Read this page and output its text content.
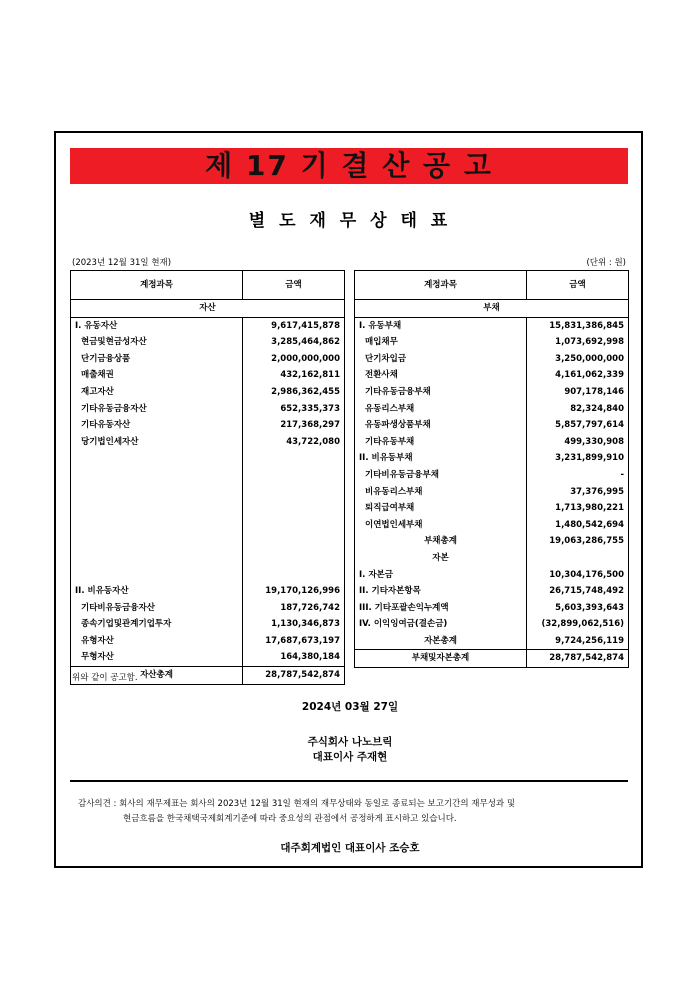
제 17 기 결 산 공 고
별 도 재 무 상 태 표
(2023년 12월 31일 현재)	(단위 : 원)
계정과목	금액
자산	
I. 유동자산	9,617,415,878
현금및현금성자산	3,285,464,862
단기금융상품	2,000,000,000
매출채권	432,162,811
재고자산	2,986,362,455
기타유동금융자산	652,335,373
기타유동자산	217,368,297
당기법인세자산	43,722,080

II. 비유동자산	19,170,126,996
기타비유동금융자산	187,726,742
종속기업및관계기업투자	1,130,346,873
유형자산	17,687,673,197
무형자산	164,380,184
자산총계	28,787,542,874
계정과목	금액
부채	
I. 유동부채	15,831,386,845
매입채무	1,073,692,998
단기차입금	3,250,000,000
전환사채	4,161,062,339
기타유동금융부채	907,178,146
유동리스부채	82,324,840
유동파생상품부채	5,857,797,614
기타유동부채	499,330,908
II. 비유동부채	3,231,899,910
기타비유동금융부채	-
비유동리스부채	37,376,995
퇴직급여부채	1,713,980,221
이연법인세부채	1,480,542,694
부채총계	19,063,286,755
자본	
I. 자본금	10,304,176,500
II. 기타자본항목	26,715,748,492
III. 기타포괄손익누계액	5,603,393,643
IV. 이익잉여금(결손금)	(32,899,062,516)
자본총계	9,724,256,119
부채및자본총계	28,787,542,874
위와 같이 공고함.
2024년 03월 27일
주식회사 나노브릭
대표이사 주재현
감사의견 : 회사의 재무제표는 회사의 2023년 12월 31일 현재의 재무상태와 동일로 종료되는 보고기간의 재무성과 및
현금흐름을 한국채택국제회계기준에 따라 중요성의 관점에서 공정하게 표시하고 있습니다.
대주회계법인 대표이사 조승호
